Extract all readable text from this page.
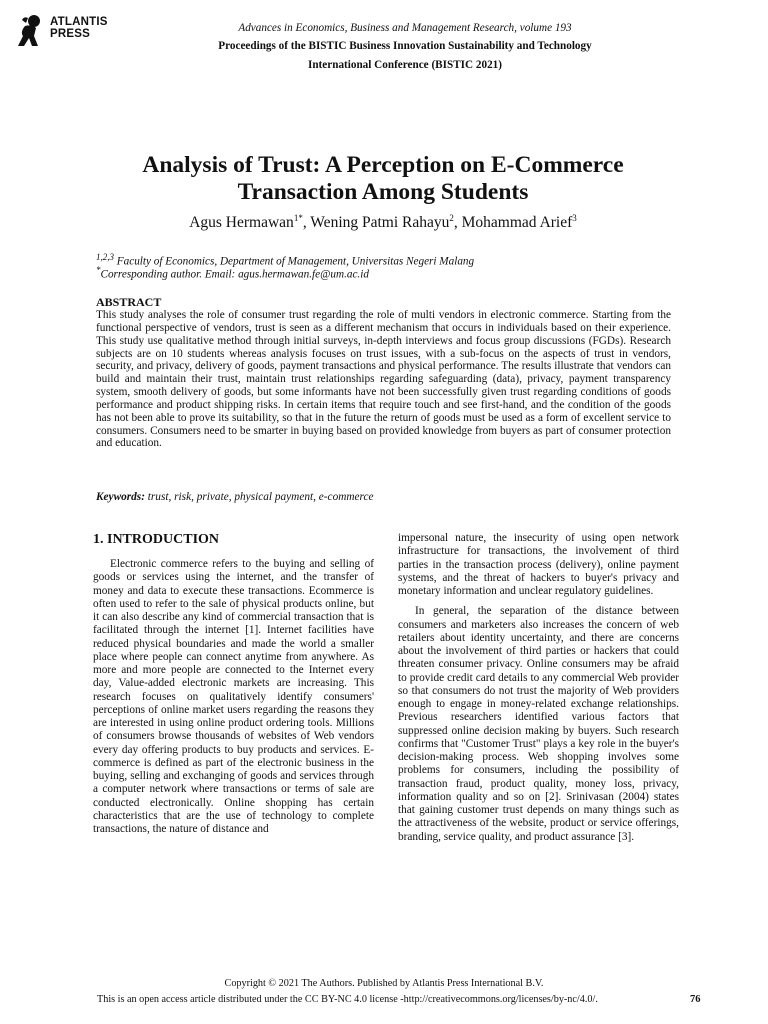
ATLANTIS
PRESS	Advances in Economics, Business and Management Research, volume 193
Proceedings of the BISTIC Business Innovation Sustainability and Technology
International Conference (BISTIC 2021)
Analysis of Trust: A Perception on E-Commerce
Transaction Among Students
Agus Hermawan$^{1*}$, Wening Patmi Rahayu$^2$, Mohammad Arief$^3$
$^{1,2,3}$ Faculty of Economics, Department of Management, Universitas Negeri Malang
*Corresponding author. Email: agus.hermawan.fe@um.ac.id
ABSTRACT

This study analyses the role of consumer trust regarding the role of multi vendors in electronic commerce. Starting from the functional perspective of vendors, trust is seen as a different mechanism that occurs in individuals based on their experience. This study use qualitative method through initial surveys, in-depth interviews and focus group discussions (FGDs). Research subjects are on 10 students whereas analysis focuses on trust issues, with a sub-focus on the aspects of trust in vendors, security, and privacy, delivery of goods, payment transactions and physical performance. The results illustrate that vendors can build and maintain their trust, maintain trust relationships regarding safeguarding (data), privacy, payment transparency system, smooth delivery of goods, but some informants have not been successfully given trust regarding conditions of goods performance and product shipping risks. In certain items that require touch and see first-hand, and the condition of the goods has not been able to prove its suitability, so that in the future the return of goods must be used as a form of excellent service to consumers. Consumers need to be smarter in buying based on provided knowledge from buyers as part of consumer protection and education.

Keywords: trust, risk, private, physical payment, e-commerce
1. INTRODUCTION

Electronic commerce refers to the buying and selling of goods or services using the internet, and the transfer of money and data to execute these transactions. Ecommerce is often used to refer to the sale of physical products online, but it can also describe any kind of commercial transaction that is facilitated through the internet [1]. Internet facilities have reduced physical boundaries and made the world a smaller place where people can connect anytime from anywhere. As more and more people are connected to the Internet every day, Value-added electronic markets are increasing. This research focuses on qualitatively identify consumers' perceptions of online market users regarding the reasons they are interested in using online product ordering tools. Millions of consumers browse thousands of websites of Web vendors every day offering products to buy products and services. E-commerce is defined as part of the electronic business in the buying, selling and exchanging of goods and services through a computer network where transactions or terms of sale are conducted electronically. Online shopping has certain characteristics that are the use of technology to complete transactions, the nature of distance and

impersonal nature, the insecurity of using open network infrastructure for transactions, the involvement of third parties in the transaction process (delivery), online payment systems, and the threat of hackers to buyer's privacy and monetary information and unclear regulatory guidelines.

In general, the separation of the distance between consumers and marketers also increases the concern of web retailers about identity uncertainty, and there are concerns about the involvement of third parties or hackers that could threaten consumer privacy. Online consumers may be afraid to provide credit card details to any commercial Web provider so that consumers do not trust the majority of Web providers enough to engage in money-related exchange relationships. Previous researchers identified various factors that suppressed online decision making by buyers. Such research confirms that "Customer Trust" plays a key role in the buyer's decision-making process. Web shopping involves some problems for consumers, including the possibility of transaction fraud, product quality, money loss, privacy, information quality and so on [2]. Srinivasan (2004) states that gaining customer trust depends on many things such as the attractiveness of the website, product or service offerings, branding, service quality, and product assurance [3].

Copyright © 2021 The Authors. Published by Atlantis Press International B.V.
This is an open access article distributed under the CC BY-NC 4.0 license -http://creativecommons.org/licenses/by-nc/4.0/.	76
